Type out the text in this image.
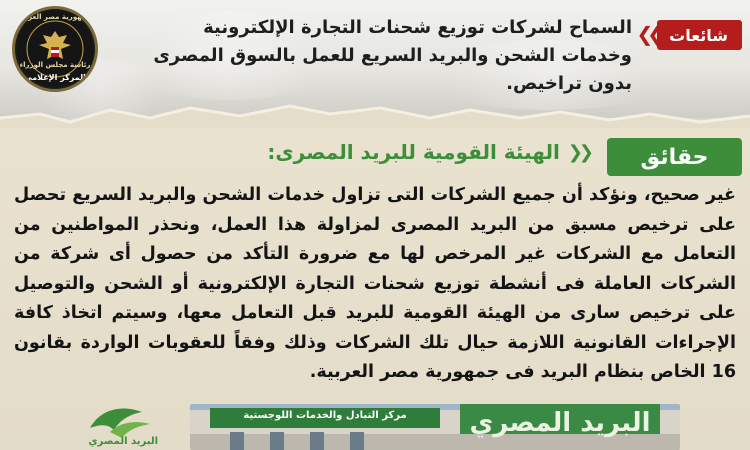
جمهورية مصر العربية
رئاسة مجلس الوزراء
المركز الإعلامي
شائعات
❮❮
السماح لشركات توزيع شحنات التجارة الإلكترونية وخدمات الشحن والبريد السريع للعمل بالسوق المصرى بدون تراخيص.
حقائق
❮❮
الهيئة القومية للبريد المصرى:
غير صحيح، ونؤكد أن جميع الشركات التى تزاول خدمات الشحن والبريد السريع تحصل على ترخيص مسبق من البريد المصرى لمزاولة هذا العمل، ونحذر المواطنين من التعامل مع الشركات غير المرخص لها مع ضرورة التأكد من حصول أى شركة من الشركات العاملة فى أنشطة توزيع شحنات التجارة الإلكترونية أو الشحن والتوصيل على ترخيص سارى من الهيئة القومية للبريد قبل التعامل معها، وسيتم اتخاذ كافة الإجراءات القانونية اللازمة حيال تلك الشركات وذلك وفقاً للعقوبات الواردة بقانون 16 الخاص بنظام البريد فى جمهورية مصر العربية.
البريد المصري
مركز التبادل والخدمات اللوجستية	البريد المصري
